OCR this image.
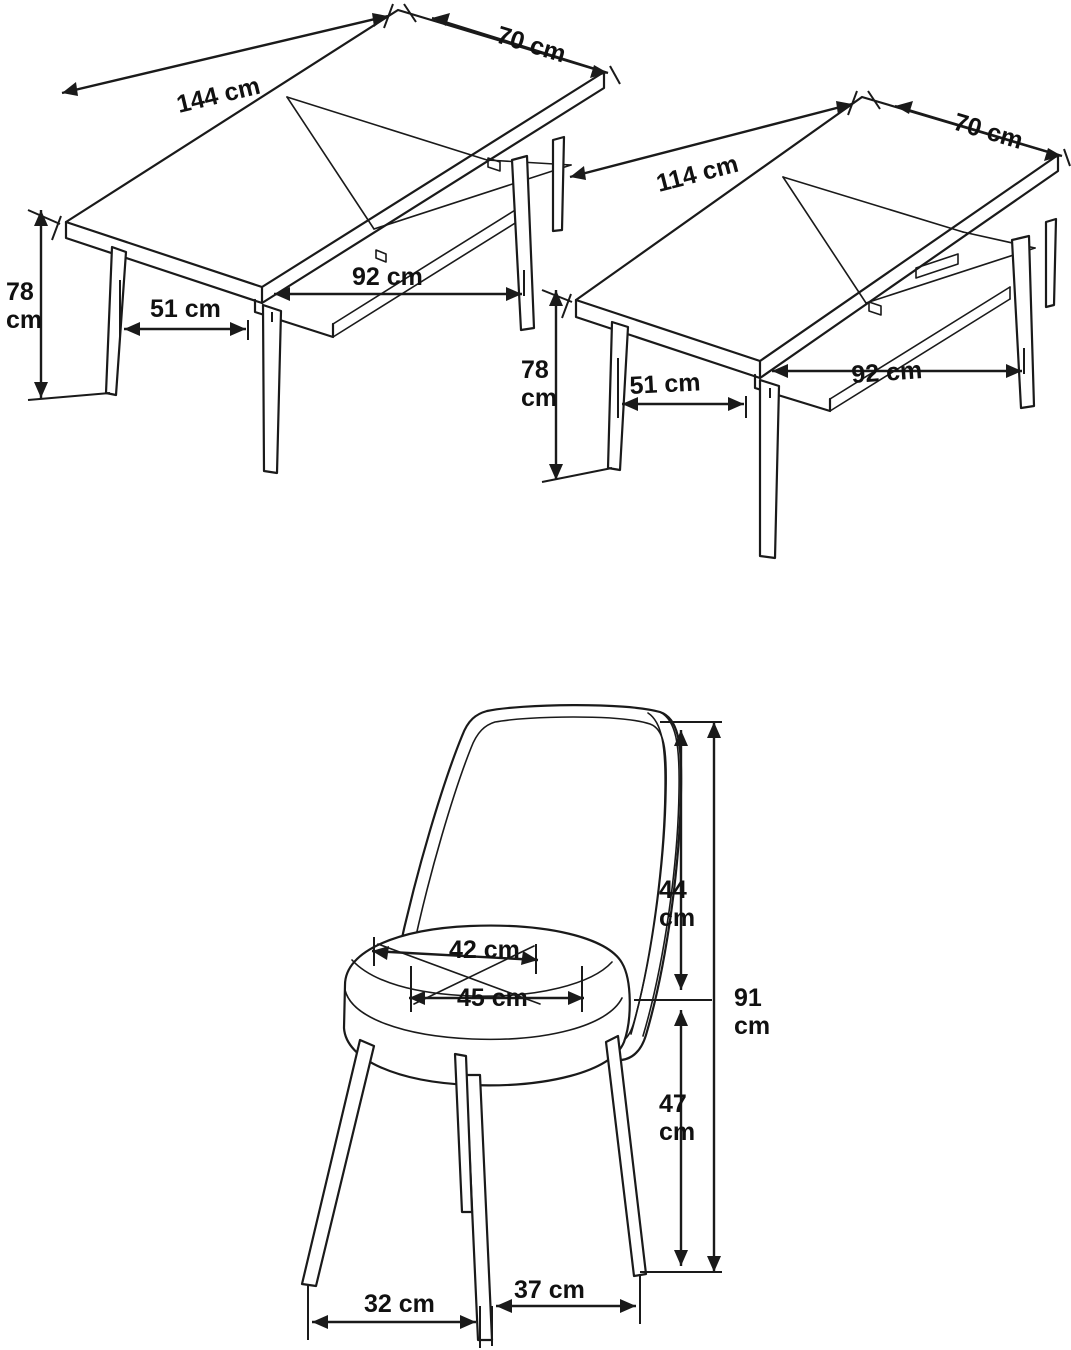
144 cm
70 cm
78
cm	51 cm
92 cm
114 cm
70 cm
78
cm	51 cm	92 cm
42 cm
45 cm
44
cm
47
cm
91
cm
32 cm	37 cm
